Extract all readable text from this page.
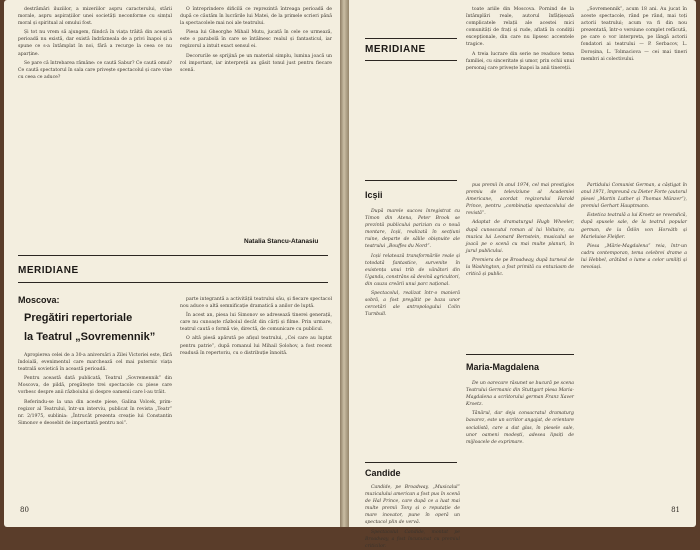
destrămări iluziilor, a mizeriilor aspru caracterului, stării morale, aspru aspirațiilor unei societăți neconforme cu simțul moral și spiritual al omului fost.

Și tot nu vrem să ajungem, fiindcă în viața trăită din această perioadă nu există, dar există îndrăzneala de a privi înapoi și a spune ce s-a întâmplat în noi, fără a recurge la ceea ce nu aparține.

Se pare că întrebarea rămâne: ce caută Sabur? Ce caută omul? Ce caută spectatorul în sala care privește spectacolul și care vine cu ceea ce aduce?

O întreprindere dificilă ce reprezintă întreaga perioadă de după ce căutăm în lucrările lui Matei, de la primele scrieri până la spectacolele mai noi ale teatrului.

Piesa lui Gheorghe Mihail Mutu, jucată în cele ce urmează, este o parabolă în care se întâlnesc realul și fantasticul, iar regizorul a intuit exact sensul ei.

Decorurile se sprijină pe un material simplu, lumina joacă un rol important, iar interpreții au găsit tonul just pentru fiecare scenă.

Natalia Stancu-Atanasiu
MERIDIANE
Moscova:
Pregătiri repertoriale
la Teatrul „Sovremennik”

Apropierea celei de a 30-a aniversări a Zilei Victoriei este, fără îndoială, evenimentul care marchează cel mai puternic viața teatrală sovietică în această perioadă.

Pentru această dată publicată, Teatrul „Sovremennik” din Moscova, de pildă, pregătește trei spectacole cu piese care vorbesc despre anii războiului și despre oamenii care l-au trăit.

Referindu-se la una din aceste piese, Galina Volcek, prim-regizor al Teatrului, într-un interviu, publicat în revista „Teatr” nr. 2/1975, sublinia: „Întrucât prezenta creație lui Constantin Simonov e deosebit de importantă pentru noi”.

parte integrantă a activității teatrului său, și fiecare spectacol nou aduce o altă semnificație dramatică a anilor de luptă.

În acest an, piesa lui Simonov se adresează tinerei generații, care nu cunoaște războiul decât din cărți și filme. Prin urmare, teatrul caută o formă vie, directă, de comunicare cu publicul.

O altă piesă apărută pe afișul teatrului, „Cei care au luptat pentru patrie”, după romanul lui Mihail Șolohov, a fost recent readusă în repertoriu, cu o distribuție înnoită.

80
MERIDIANE

toate ariile din Moscova. Pornind de la întâmplări reale, autorul înfățișează complicatele relații ale acestei mici comunități de frați și rude, aflată în condiții excepționale, din care nu lipsesc accentele tragice.

A treia lucrare din serie ne readuce tema familiei, cu sinceritate și umor, prin ochii unui personaj care privește înapoi la anii tinereții.

„Sovremennik”, acum 18 ani. Au jucat în aceste spectacole, rând pe rând, mai toți actorii teatrului; acum va fi din nou prezentată, într-o versiune complet refăcută, pe care o vor interpreta, pe lângă actorii fondatori ai teatrului — P. Serbacov, L. Doroșina, L. Tolmaciova — cei mai tineri membri ai colectivului.

Icșii

După marele succes înregistrat cu Timon din Atena, Peter Brook se prezintă publicului parizian cu o nouă montare, Icșii, realizată în secțiuni ruine, departe de sălile obișnuite ale teatrului „Bouffes du Nord”.

Icșii relatează transformările reale și totodată fantastice, survenite în existența unui trib de vânători din Uganda, constrâns să devină agricultori, din cauza creării unui parc național.

Spectacolul, realizat într-o manieră sobră, a fost pregătit pe baza unor cercetări ale antropologului Colin Turnbull.

pus premii în anul 1974, cel mai prestigios premiu de televiziune al Academiei Americane, acordat regizorului Harold Prince, pentru „combinația spectacolului de revistă”.

Adaptat de dramaturgul Hugh Wheeler, după cunoscutul roman al lui Voltaire, cu muzica lui Leonard Bernstein, musicalul se joacă pe o scenă cu mai multe planuri, în jurul publicului.

Premiera de pe Broadway, după turneul de la Washington, a fost primită cu entuziasm de critică și public.

Partidului Comunist German, a câștigat în anul 1971, împreună cu Dieter Forte (autorul piesei „Martin Luther și Thomas Münzer”), premiul Gerhart Hauptmann.

Estetica teatrală a lui Kroetz se revendică, după spusele sale, de la teatrul popular german, de la Ödön von Horváth și Marieluise Fleißer.

Piesa „Mărie-Magdalena” reia, într-un cadru contemporan, tema celebrei drame a lui Hebbel, arătând o lume a celor umiliți și nevoiași.

Maria-Magdalena

De un oarecare răsunet se bucură pe scena Teatrului Germanic din Stuttgart piesa Maria-Magdalena a scriitorului german Franz Xaver Kroetz.

Tânărul, dar deja consacratul dramaturg bavarez, este un scriitor angajat, de orientare socialistă, care a dat glas, în piesele sale, unor oameni modești, adesea lipsiți de mijloacele de exprimare.

Candide

Candide, pe Broadway, „Musicalul” muzicalului american a fost pus în scenă de Hal Prince, care după ce a luat mai multe premii Tony și o reputație de mare inovator, pune în operă un spectacol plin de vervă.

Spectacolul Candide, montat pe Broadway, a fost încununat cu premiul criticilor.

81
